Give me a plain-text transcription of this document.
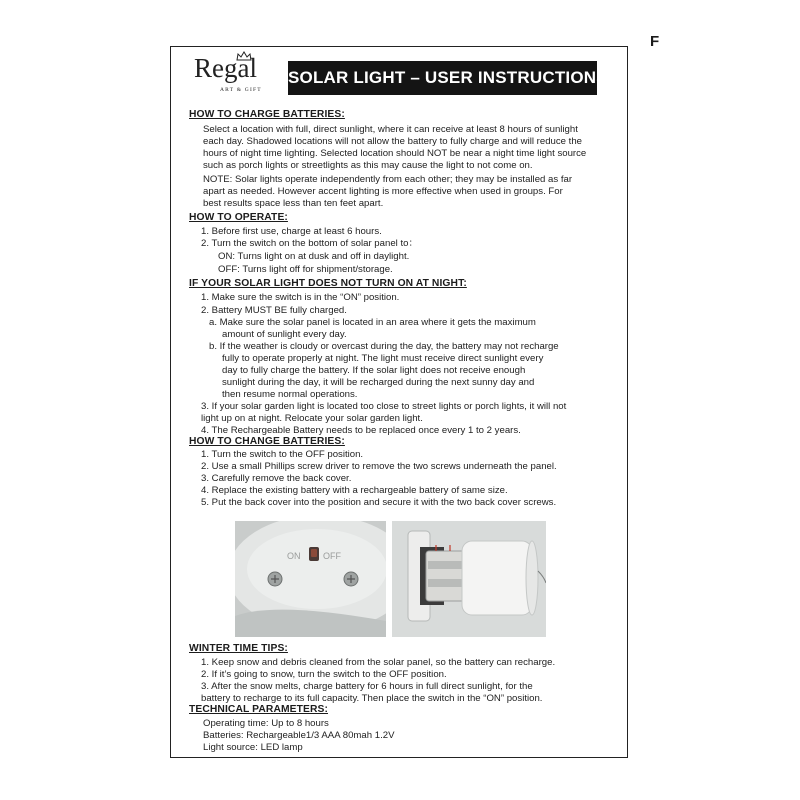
F
Regal
ART & GIFT
SOLAR LIGHT – USER INSTRUCTIONS
HOW TO CHARGE BATTERIES:
Select a location with full, direct sunlight, where it can receive at least 8 hours of sunlight
each day. Shadowed locations will not allow the battery to fully charge and will reduce the
hours of night time lighting. Selected location should NOT be near a night time light source
such as porch lights or streetlights as this may cause the light to not come on.
NOTE: Solar lights operate independently from each other; they may be installed as far
apart as needed. However accent lighting is more effective when used in groups. For
best results space less than ten feet apart.
HOW TO OPERATE:
1. Before first use, charge at least 6 hours.
2. Turn the switch on the bottom of solar panel to：
ON: Turns light on at dusk and off in daylight.
OFF: Turns light off for shipment/storage.
IF YOUR SOLAR LIGHT DOES NOT TURN ON AT NIGHT:
1. Make sure the switch is in the “ON” position.
2. Battery MUST BE fully charged.
a. Make sure the solar panel is located in an area where it gets the maximum
amount of sunlight every day.
b. If the weather is cloudy or overcast during the day, the battery may not recharge
fully to operate properly at night. The light must receive direct sunlight every
day to fully charge the battery. If the solar light does not receive enough
sunlight during the day, it will be recharged during the next sunny day and
then resume normal operations.
3. If your solar garden light is located too close to street lights or porch lights, it will not
light up on at night. Relocate your solar garden light.
4. The Rechargeable Battery needs to be replaced once every 1 to 2 years.
HOW TO CHANGE BATTERIES:
1. Turn the switch to the OFF position.
2. Use a small Phillips screw driver to remove the two screws underneath the panel.
3. Carefully remove the back cover.
4. Replace the existing battery with a rechargeable battery of same size.
5. Put the back cover into the position and secure it with the two back cover screws.
ON	OFF
WINTER TIME TIPS:
1. Keep snow and debris cleaned from the solar panel, so the battery can recharge.
2. If it’s going to snow, turn the switch to the OFF position.
3. After the snow melts, charge battery for 6 hours in full direct sunlight, for the
battery to recharge to its full capacity. Then place the switch in the “ON” position.
TECHNICAL PARAMETERS:
Operating time: Up to 8 hours
Batteries: Rechargeable1/3 AAA 80mah 1.2V
Light source: LED lamp
